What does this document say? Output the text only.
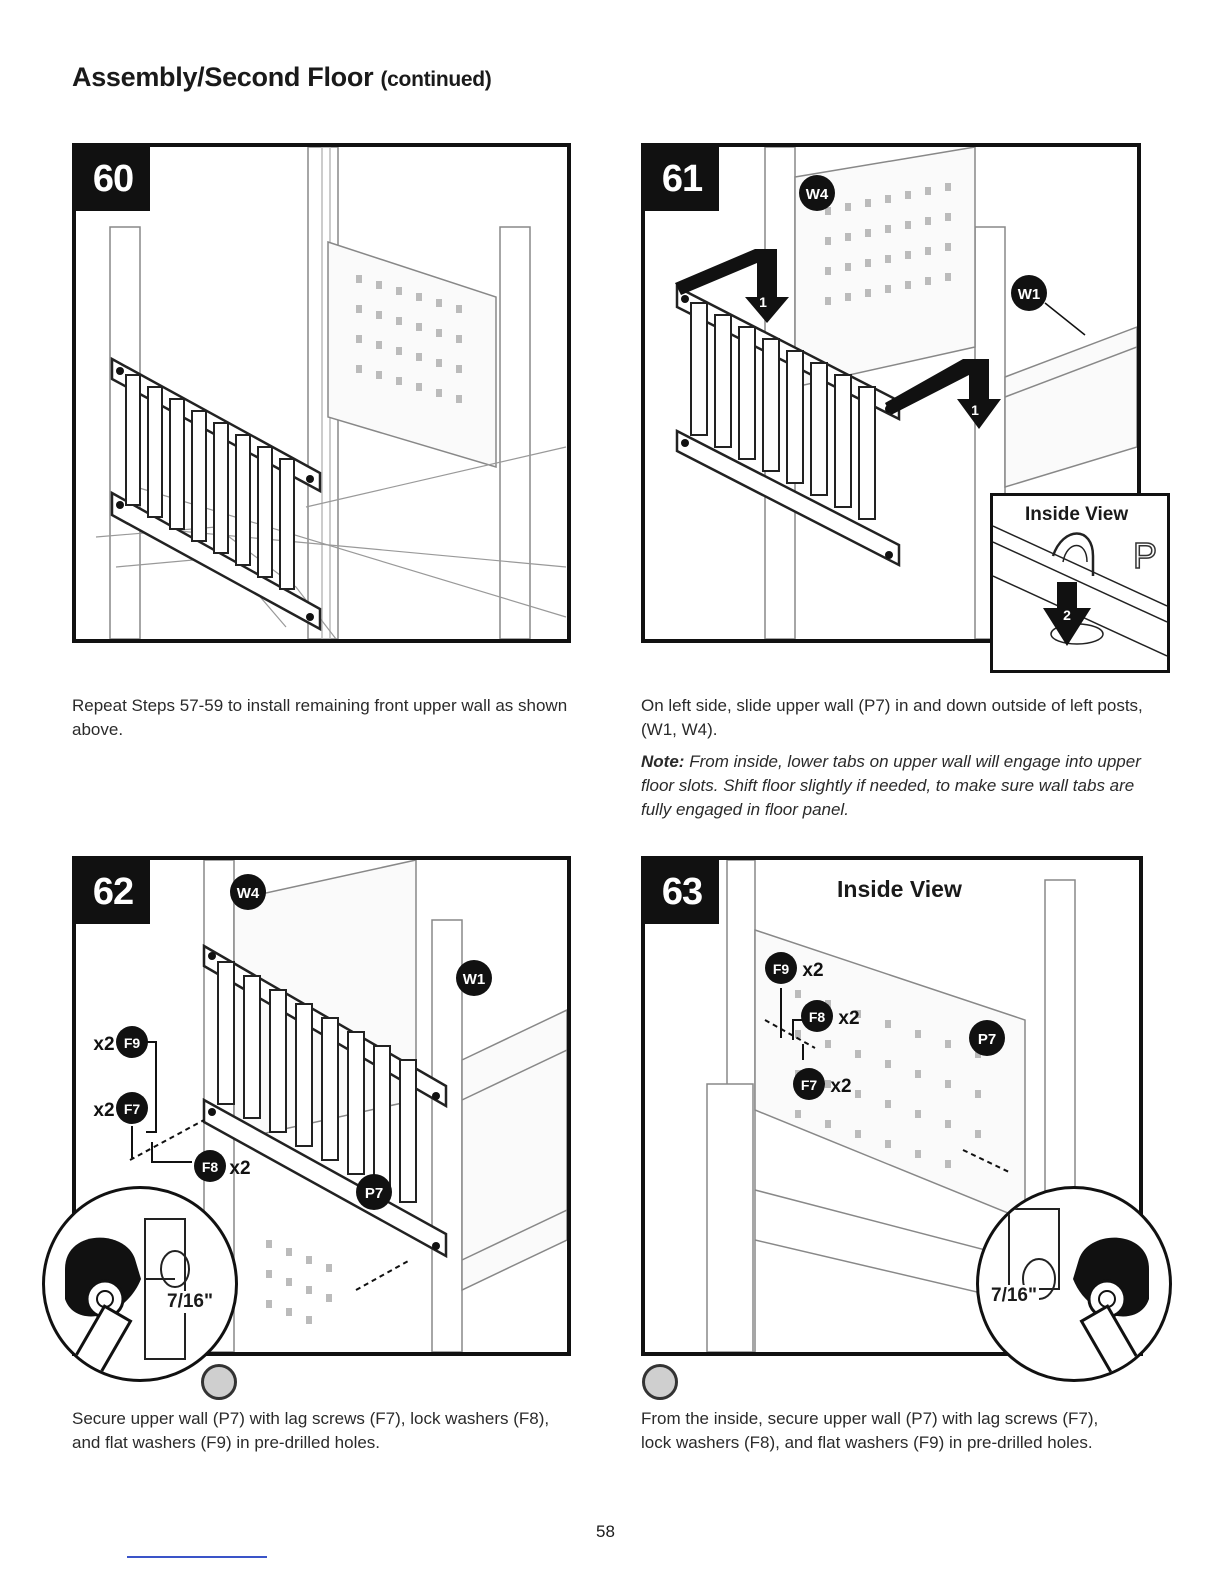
Assembly/Second Floor (continued)
60

Repeat Steps 57-59 to install remaining front upper wall as shown above.

1
1
W4
W1
61
P
2
Inside View

On left side, slide upper wall (P7) in and down outside of left posts, (W1, W4).

Note: From inside, lower tabs on upper wall will engage into upper floor slots. Shift floor slightly if needed, to make sure wall tabs are fully engaged in floor panel.

W4
W1
P7
F9
x2
F7
x2
F8 x2
62
7/16"

Secure upper wall (P7) with lag screws (F7), lock washers (F8), and flat washers (F9) in pre-drilled holes.

F9 x2
F8 x2
F7 x2
P7
63	Inside View
7/16"

From the inside, secure upper wall (P7) with lag screws (F7), lock washers (F8), and flat washers (F9) in pre-drilled holes.

58
